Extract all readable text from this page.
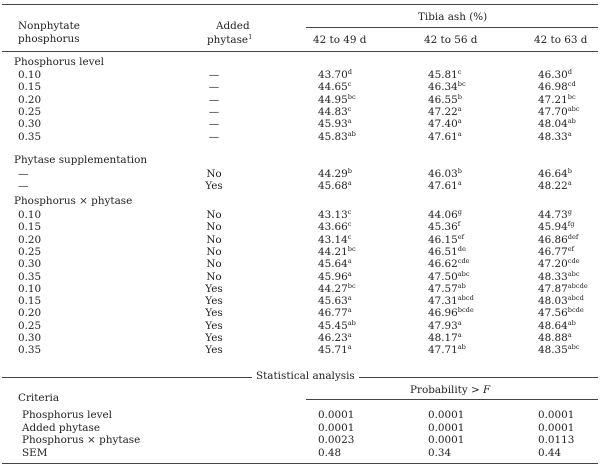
Nonphytate
phosphorus
Added
phytase$^1$
Tibia ash (%)
42 to 49 d	42 to 56 d	42 to 63 d
Phosphorus level
0.10	—	43.70$^d$	45.81$^c$	46.30$^d$
0.15	—	44.65$^c$	46.34$^{bc}$	46.98$^{cd}$
0.20	—	44.95$^{bc}$	46.55$^b$	47.21$^{bc}$
0.25	—	44.83$^c$	47.22$^a$	47.70$^{abc}$
0.30	—	45.93$^a$	47.40$^a$	48.04$^{ab}$
0.35	—	45.83$^{ab}$	47.61$^a$	48.33$^a$
Phytase supplementation
—	No	44.29$^b$	46.03$^b$	46.64$^b$
—	Yes	45.68$^a$	47.61$^a$	48.22$^a$
Phosphorus × phytase
0.10	No	43.13$^c$	44.06$^g$	44.73$^g$
0.15	No	43.66$^c$	45.36$^f$	45.94$^{fg}$
0.20	No	43.14$^c$	46.15$^{ef}$	46.86$^{def}$
0.25	No	44.21$^{bc}$	46.51de	46.77$^{ef}$
0.30	No	45.64$^a$	46.62$^{cde}$	47.20$^{cde}$
0.35	No	45.96$^a$	47.50$^{abc}$	48.33$^{abc}$
0.10	Yes	44.27$^{bc}$	47.57$^{ab}$	$47.87^{abcde}$
0.15	Yes	45.63$^a$	$47.31^{abcd}$	$48.03^{abcd}$
0.20	Yes	46.77$^a$	$46.96^{bcde}$	$47.56^{bcde}$
0.25	Yes	45.45$^{ab}$	47.93$^a$	48.64$^{ab}$
0.30	Yes	46.23$^a$	48.17$^a$	48.88$^a$
0.35	Yes	45.71$^a$	47.71$^{ab}$	48.35$^{abc}$
Statistical analysis
Criteria
Probability > F
Phosphorus level	0.0001	0.0001	0.0001
Added phytase	0.0001	0.0001	0.0001
Phosphorus × phytase	0.0023	0.0001	0.0113
SEM	0.48	0.34	0.44
